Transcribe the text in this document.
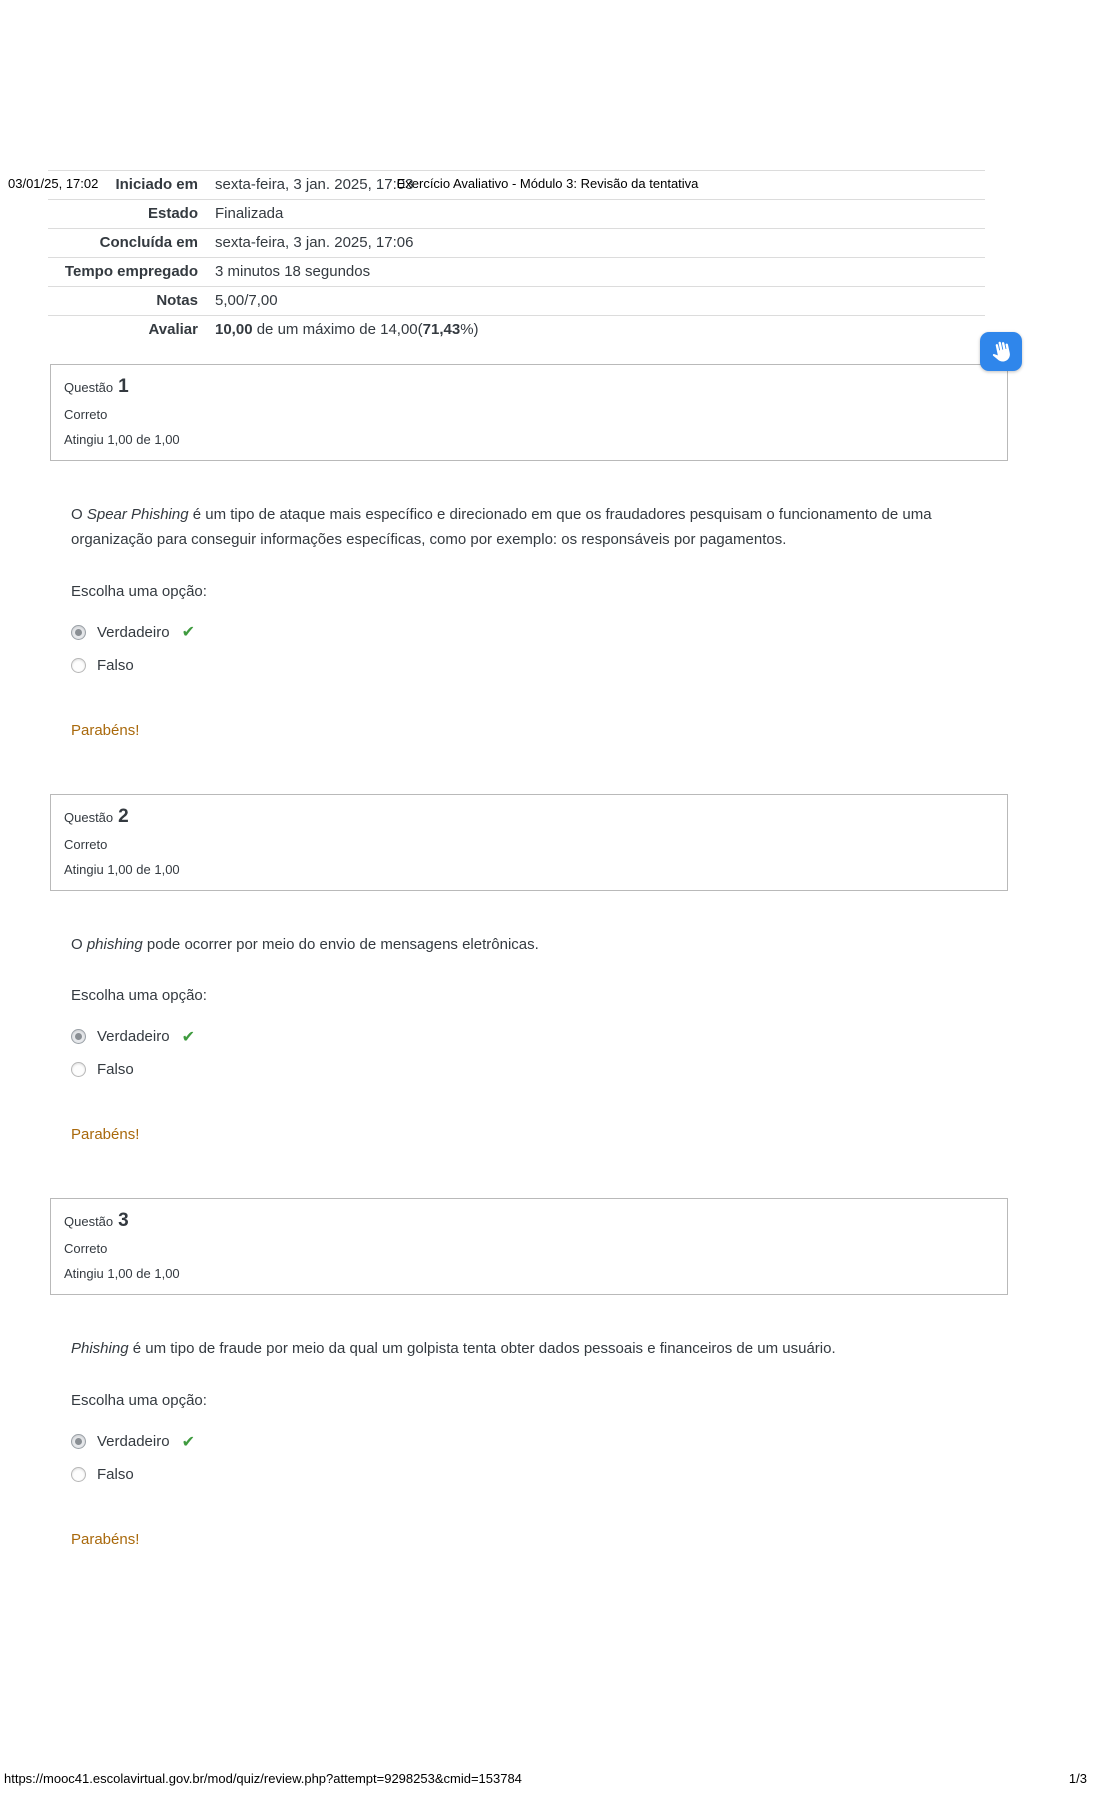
03/01/25, 17:02	Exercício Avaliativo - Módulo 3: Revisão da tentativa
Iniciado em sexta-feira, 3 jan. 2025, 17:03
Estado Finalizada
Concluída em sexta-feira, 3 jan. 2025, 17:06
Tempo empregado 3 minutos 18 segundos
Notas 5,00/7,00
Avaliar 10,00 de um máximo de 14,00(71,43%)
Questão 1
Correto
Atingiu 1,00 de 1,00

O Spear Phishing é um tipo de ataque mais específico e direcionado em que os fraudadores pesquisam o funcionamento de uma organização para conseguir informações específicas, como por exemplo: os responsáveis por pagamentos.

Escolha uma opção:
Verdadeiro ✔
Falso
Parabéns!
Questão 2
Correto
Atingiu 1,00 de 1,00

O phishing pode ocorrer por meio do envio de mensagens eletrônicas.

Escolha uma opção:
Verdadeiro ✔
Falso
Parabéns!
Questão 3
Correto
Atingiu 1,00 de 1,00

Phishing é um tipo de fraude por meio da qual um golpista tenta obter dados pessoais e financeiros de um usuário.

Escolha uma opção:
Verdadeiro ✔
Falso
Parabéns!
https://mooc41.escolavirtual.gov.br/mod/quiz/review.php?attempt=9298253&cmid=153784	1/3
